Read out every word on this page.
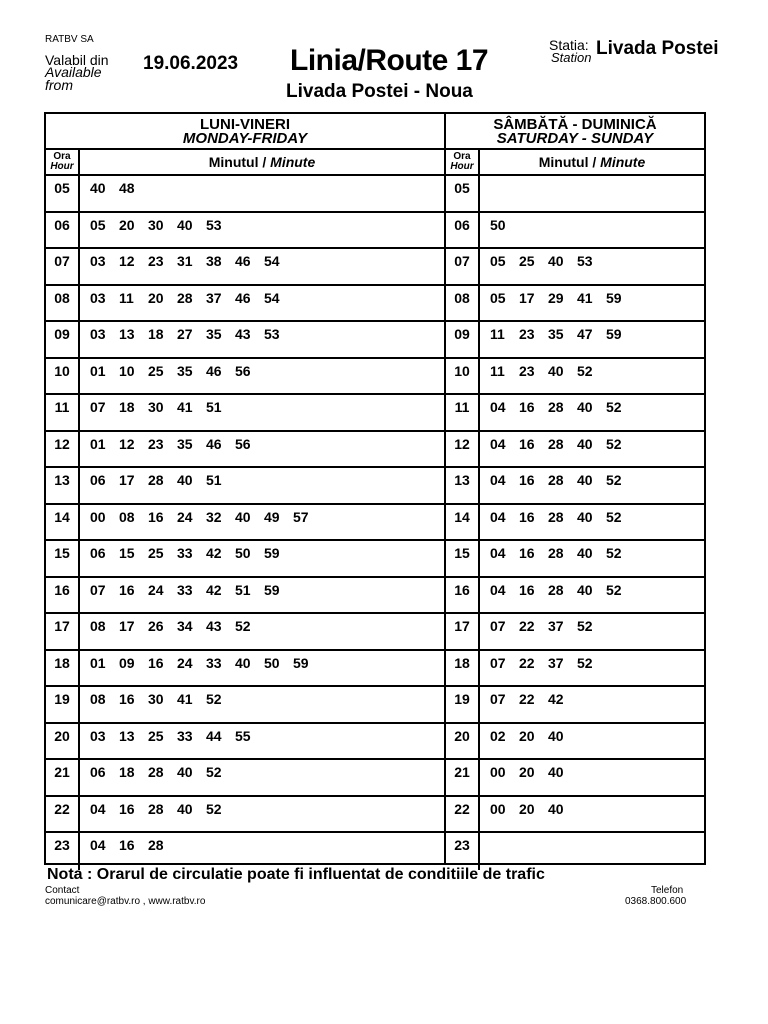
RATBV SA
Valabil din
Available
from
19.06.2023 Linia/Route 17
Livada Postei - Noua
Statia:
Station Livada Postei
LUNI-VINERI
MONDAY-FRIDAY
Ora
Hour	Minutul / Minute
05	40 48
06	05 20 30 40 53
07	03 12 23 31 38 46 54
08	03 11 20 28 37 46 54
09	03 13 18 27 35 43 53
10	01 10 25 35 46 56
11	07 18 30 41 51
12	01 12 23 35 46 56
13	06 17 28 40 51
14	00 08 16 24 32 40 49 57
15	06 15 25 33 42 50 59
16	07 16 24 33 42 51 59
17	08 17 26 34 43 52
18	01 09 16 24 33 40 50 59
19	08 16 30 41 52
20	03 13 25 33 44 55
21	06 18 28 40 52
22	04 16 28 40 52
23	04 16 28
SÂMBĂTĂ - DUMINICĂ
SATURDAY - SUNDAY
Ora
Hour	Minutul / Minute
05
06	50
07	05 25 40 53
08	05 17 29 41 59
09	11 23 35 47 59
10	11 23 40 52
11	04 16 28 40 52
12	04 16 28 40 52
13	04 16 28 40 52
14	04 16 28 40 52
15	04 16 28 40 52
16	04 16 28 40 52
17	07 22 37 52
18	07 22 37 52
19	07 22 42
20	02 20 40
21	00 20 40
22	00 20 40
23
Nota : Orarul de circulatie poate fi influentat de conditiile de trafic
Contact
comunicare@ratbv.ro , www.ratbv.ro
Telefon
0368.800.600
